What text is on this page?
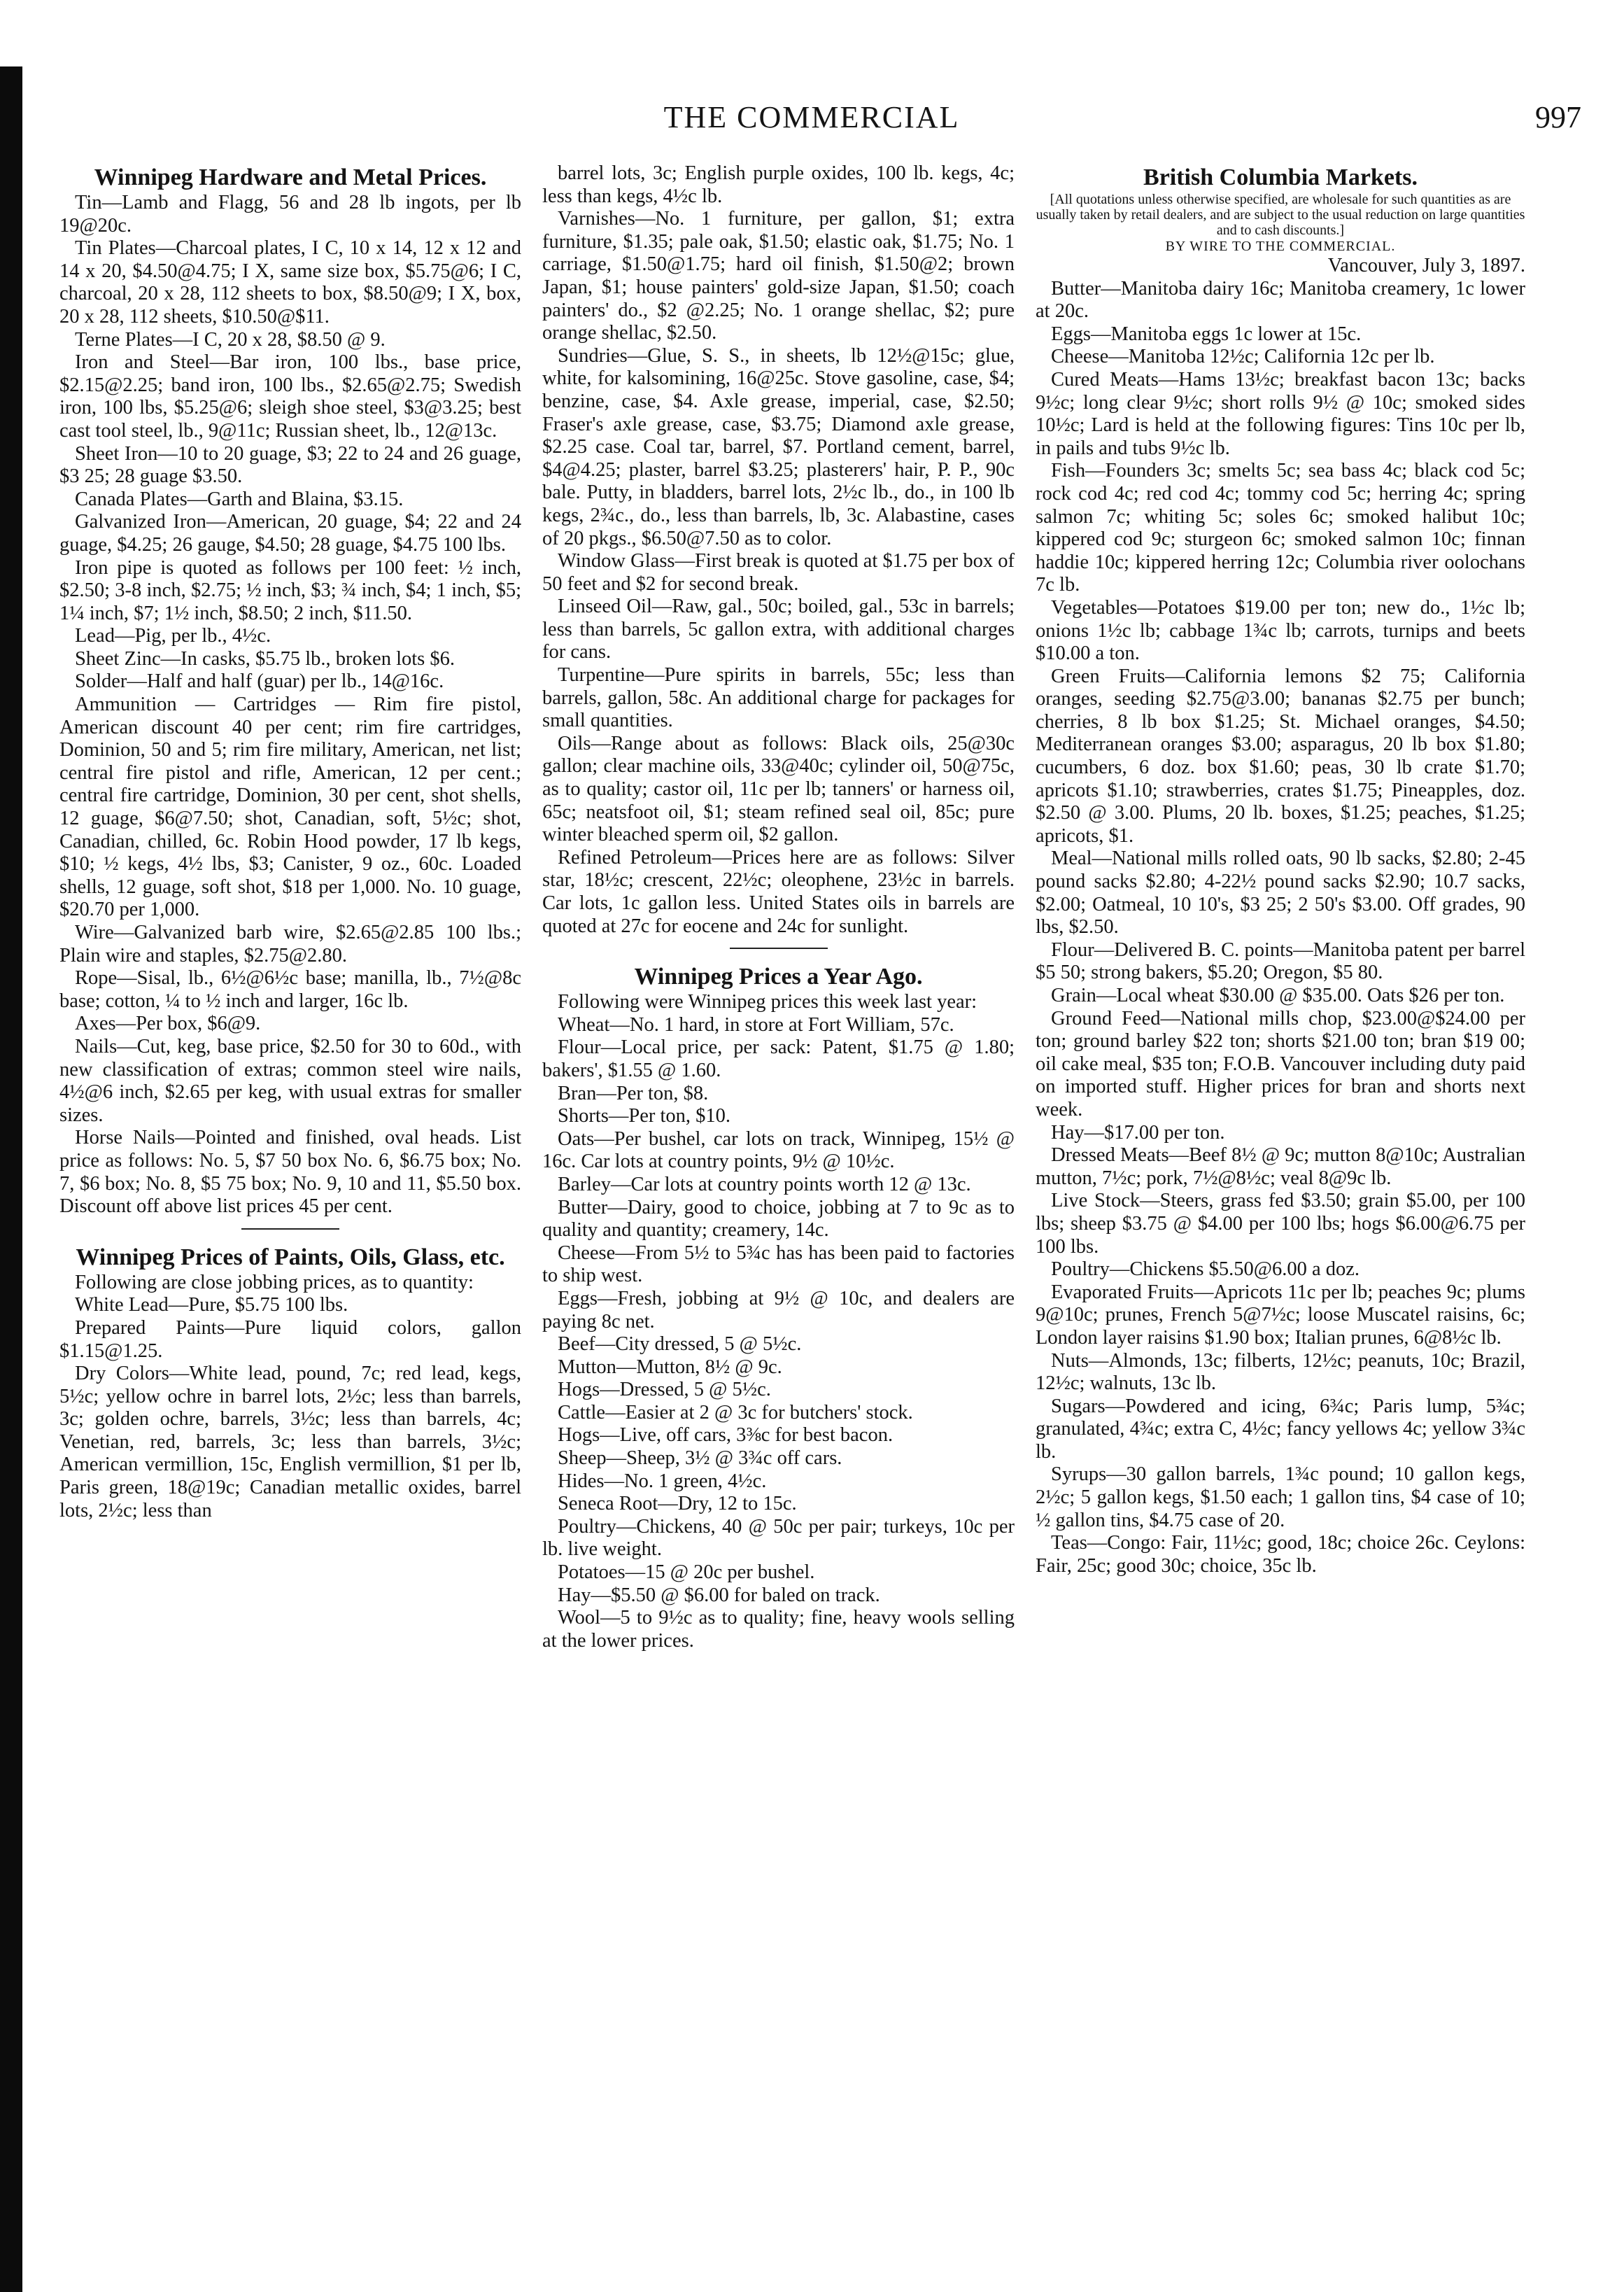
THE COMMERCIAL	997
Winnipeg Hardware and Metal Prices.

Tin—Lamb and Flagg, 56 and 28 lb ingots, per lb 19@20c.

Tin Plates—Charcoal plates, I C, 10 x 14, 12 x 12 and 14 x 20, $4.50@4.75; I X, same size box, $5.75@6; I C, charcoal, 20 x 28, 112 sheets to box, $8.50@9; I X, box, 20 x 28, 112 sheets, $10.50@$11.

Terne Plates—I C, 20 x 28, $8.50 @ 9.

Iron and Steel—Bar iron, 100 lbs., base price, $2.15@2.25; band iron, 100 lbs., $2.65@2.75; Swedish iron, 100 lbs, $5.25@6; sleigh shoe steel, $3@3.25; best cast tool steel, lb., 9@11c; Russian sheet, lb., 12@13c.

Sheet Iron—10 to 20 guage, $3; 22 to 24 and 26 guage, $3 25; 28 guage $3.50.

Canada Plates—Garth and Blaina, $3.15.

Galvanized Iron—American, 20 guage, $4; 22 and 24 guage, $4.25; 26 gauge, $4.50; 28 guage, $4.75 100 lbs.

Iron pipe is quoted as follows per 100 feet: ½ inch, $2.50; 3-8 inch, $2.75; ½ inch, $3; ¾ inch, $4; 1 inch, $5; 1¼ inch, $7; 1½ inch, $8.50; 2 inch, $11.50.

Lead—Pig, per lb., 4½c.

Sheet Zinc—In casks, $5.75 lb., broken lots $6.

Solder—Half and half (guar) per lb., 14@16c.

Ammunition — Cartridges — Rim fire pistol, American discount 40 per cent; rim fire cartridges, Dominion, 50 and 5; rim fire military, American, net list; central fire pistol and rifle, American, 12 per cent.; central fire cartridge, Dominion, 30 per cent, shot shells, 12 guage, $6@7.50; shot, Canadian, soft, 5½c; shot, Canadian, chilled, 6c. Robin Hood powder, 17 lb kegs, $10; ½ kegs, 4½ lbs, $3; Canister, 9 oz., 60c. Loaded shells, 12 guage, soft shot, $18 per 1,000. No. 10 guage, $20.70 per 1,000.

Wire—Galvanized barb wire, $2.65@2.85 100 lbs.; Plain wire and staples, $2.75@2.80.

Rope—Sisal, lb., 6½@6½c base; manilla, lb., 7½@8c base; cotton, ¼ to ½ inch and larger, 16c lb.

Axes—Per box, $6@9.

Nails—Cut, keg, base price, $2.50 for 30 to 60d., with new classification of extras; common steel wire nails, 4½@6 inch, $2.65 per keg, with usual extras for smaller sizes.

Horse Nails—Pointed and finished, oval heads. List price as follows: No. 5, $7 50 box No. 6, $6.75 box; No. 7, $6 box; No. 8, $5 75 box; No. 9, 10 and 11, $5.50 box. Discount off above list prices 45 per cent.

Winnipeg Prices of Paints, Oils, Glass, etc.

Following are close jobbing prices, as to quantity:

White Lead—Pure, $5.75 100 lbs.

Prepared Paints—Pure liquid colors, gallon $1.15@1.25.

Dry Colors—White lead, pound, 7c; red lead, kegs, 5½c; yellow ochre in barrel lots, 2½c; less than barrels, 3c; golden ochre, barrels, 3½c; less than barrels, 4c; Venetian, red, barrels, 3c; less than barrels, 3½c; American vermillion, 15c, English vermillion, $1 per lb, Paris green, 18@19c; Canadian metallic oxides, barrel lots, 2½c; less than

barrel lots, 3c; English purple oxides, 100 lb. kegs, 4c; less than kegs, 4½c lb.

Varnishes—No. 1 furniture, per gallon, $1; extra furniture, $1.35; pale oak, $1.50; elastic oak, $1.75; No. 1 carriage, $1.50@1.75; hard oil finish, $1.50@2; brown Japan, $1; house painters' gold-size Japan, $1.50; coach painters' do., $2 @2.25; No. 1 orange shellac, $2; pure orange shellac, $2.50.

Sundries—Glue, S. S., in sheets, lb 12½@15c; glue, white, for kalsomining, 16@25c. Stove gasoline, case, $4; benzine, case, $4. Axle grease, imperial, case, $2.50; Fraser's axle grease, case, $3.75; Diamond axle grease, $2.25 case. Coal tar, barrel, $7. Portland cement, barrel, $4@4.25; plaster, barrel $3.25; plasterers' hair, P. P., 90c bale. Putty, in bladders, barrel lots, 2½c lb., do., in 100 lb kegs, 2¾c., do., less than barrels, lb, 3c. Alabastine, cases of 20 pkgs., $6.50@7.50 as to color.

Window Glass—First break is quoted at $1.75 per box of 50 feet and $2 for second break.

Linseed Oil—Raw, gal., 50c; boiled, gal., 53c in barrels; less than barrels, 5c gallon extra, with additional charges for cans.

Turpentine—Pure spirits in barrels, 55c; less than barrels, gallon, 58c. An additional charge for packages for small quantities.

Oils—Range about as follows: Black oils, 25@30c gallon; clear machine oils, 33@40c; cylinder oil, 50@75c, as to quality; castor oil, 11c per lb; tanners' or harness oil, 65c; neatsfoot oil, $1; steam refined seal oil, 85c; pure winter bleached sperm oil, $2 gallon.

Refined Petroleum—Prices here are as follows: Silver star, 18½c; crescent, 22½c; oleophene, 23½c in barrels. Car lots, 1c gallon less. United States oils in barrels are quoted at 27c for eocene and 24c for sunlight.

Winnipeg Prices a Year Ago.

Following were Winnipeg prices this week last year:

Wheat—No. 1 hard, in store at Fort William, 57c.

Flour—Local price, per sack: Patent, $1.75 @ 1.80; bakers', $1.55 @ 1.60.

Bran—Per ton, $8.

Shorts—Per ton, $10.

Oats—Per bushel, car lots on track, Winnipeg, 15½ @ 16c. Car lots at country points, 9½ @ 10½c.

Barley—Car lots at country points worth 12 @ 13c.

Butter—Dairy, good to choice, jobbing at 7 to 9c as to quality and quantity; creamery, 14c.

Cheese—From 5½ to 5¾c has has been paid to factories to ship west.

Eggs—Fresh, jobbing at 9½ @ 10c, and dealers are paying 8c net.

Beef—City dressed, 5 @ 5½c.

Mutton—Mutton, 8½ @ 9c.

Hogs—Dressed, 5 @ 5½c.

Cattle—Easier at 2 @ 3c for butchers' stock.

Hogs—Live, off cars, 3⅜c for best bacon.

Sheep—Sheep, 3½ @ 3¾c off cars.

Hides—No. 1 green, 4½c.

Seneca Root—Dry, 12 to 15c.

Poultry—Chickens, 40 @ 50c per pair; turkeys, 10c per lb. live weight.

Potatoes—15 @ 20c per bushel.

Hay—$5.50 @ $6.00 for baled on track.

Wool—5 to 9½c as to quality; fine, heavy wools selling at the lower prices.

British Columbia Markets.

[All quotations unless otherwise specified, are wholesale for such quantities as are usually taken by retail dealers, and are subject to the usual reduction on large quantities and to cash discounts.]

BY WIRE TO THE COMMERCIAL.

Vancouver, July 3, 1897.

Butter—Manitoba dairy 16c; Manitoba creamery, 1c lower at 20c.

Eggs—Manitoba eggs 1c lower at 15c.

Cheese—Manitoba 12½c; California 12c per lb.

Cured Meats—Hams 13½c; breakfast bacon 13c; backs 9½c; long clear 9½c; short rolls 9½ @ 10c; smoked sides 10½c; Lard is held at the following figures: Tins 10c per lb, in pails and tubs 9½c lb.

Fish—Founders 3c; smelts 5c; sea bass 4c; black cod 5c; rock cod 4c; red cod 4c; tommy cod 5c; herring 4c; spring salmon 7c; whiting 5c; soles 6c; smoked halibut 10c; kippered cod 9c; sturgeon 6c; smoked salmon 10c; finnan haddie 10c; kippered herring 12c; Columbia river oolochans 7c lb.

Vegetables—Potatoes $19.00 per ton; new do., 1½c lb; onions 1½c lb; cabbage 1¾c lb; carrots, turnips and beets $10.00 a ton.

Green Fruits—California lemons $2 75; California oranges, seeding $2.75@3.00; bananas $2.75 per bunch; cherries, 8 lb box $1.25; St. Michael oranges, $4.50; Mediterranean oranges $3.00; asparagus, 20 lb box $1.80; cucumbers, 6 doz. box $1.60; peas, 30 lb crate $1.70; apricots $1.10; strawberries, crates $1.75; Pineapples, doz. $2.50 @ 3.00. Plums, 20 lb. boxes, $1.25; peaches, $1.25; apricots, $1.

Meal—National mills rolled oats, 90 lb sacks, $2.80; 2-45 pound sacks $2.80; 4-22½ pound sacks $2.90; 10.7 sacks, $2.00; Oatmeal, 10 10's, $3 25; 2 50's $3.00. Off grades, 90 lbs, $2.50.

Flour—Delivered B. C. points—Manitoba patent per barrel $5 50; strong bakers, $5.20; Oregon, $5 80.

Grain—Local wheat $30.00 @ $35.00. Oats $26 per ton.

Ground Feed—National mills chop, $23.00@$24.00 per ton; ground barley $22 ton; shorts $21.00 ton; bran $19 00; oil cake meal, $35 ton; F.O.B. Vancouver including duty paid on imported stuff. Higher prices for bran and shorts next week.

Hay—$17.00 per ton.

Dressed Meats—Beef 8½ @ 9c; mutton 8@10c; Australian mutton, 7½c; pork, 7½@8½c; veal 8@9c lb.

Live Stock—Steers, grass fed $3.50; grain $5.00, per 100 lbs; sheep $3.75 @ $4.00 per 100 lbs; hogs $6.00@6.75 per 100 lbs.

Poultry—Chickens $5.50@6.00 a doz.

Evaporated Fruits—Apricots 11c per lb; peaches 9c; plums 9@10c; prunes, French 5@7½c; loose Muscatel raisins, 6c; London layer raisins $1.90 box; Italian prunes, 6@8½c lb.

Nuts—Almonds, 13c; filberts, 12½c; peanuts, 10c; Brazil, 12½c; walnuts, 13c lb.

Sugars—Powdered and icing, 6¾c; Paris lump, 5¾c; granulated, 4¾c; extra C, 4½c; fancy yellows 4c; yellow 3¾c lb.

Syrups—30 gallon barrels, 1¾c pound; 10 gallon kegs, 2½c; 5 gallon kegs, $1.50 each; 1 gallon tins, $4 case of 10; ½ gallon tins, $4.75 case of 20.

Teas—Congo: Fair, 11½c; good, 18c; choice 26c. Ceylons: Fair, 25c; good 30c; choice, 35c lb.
